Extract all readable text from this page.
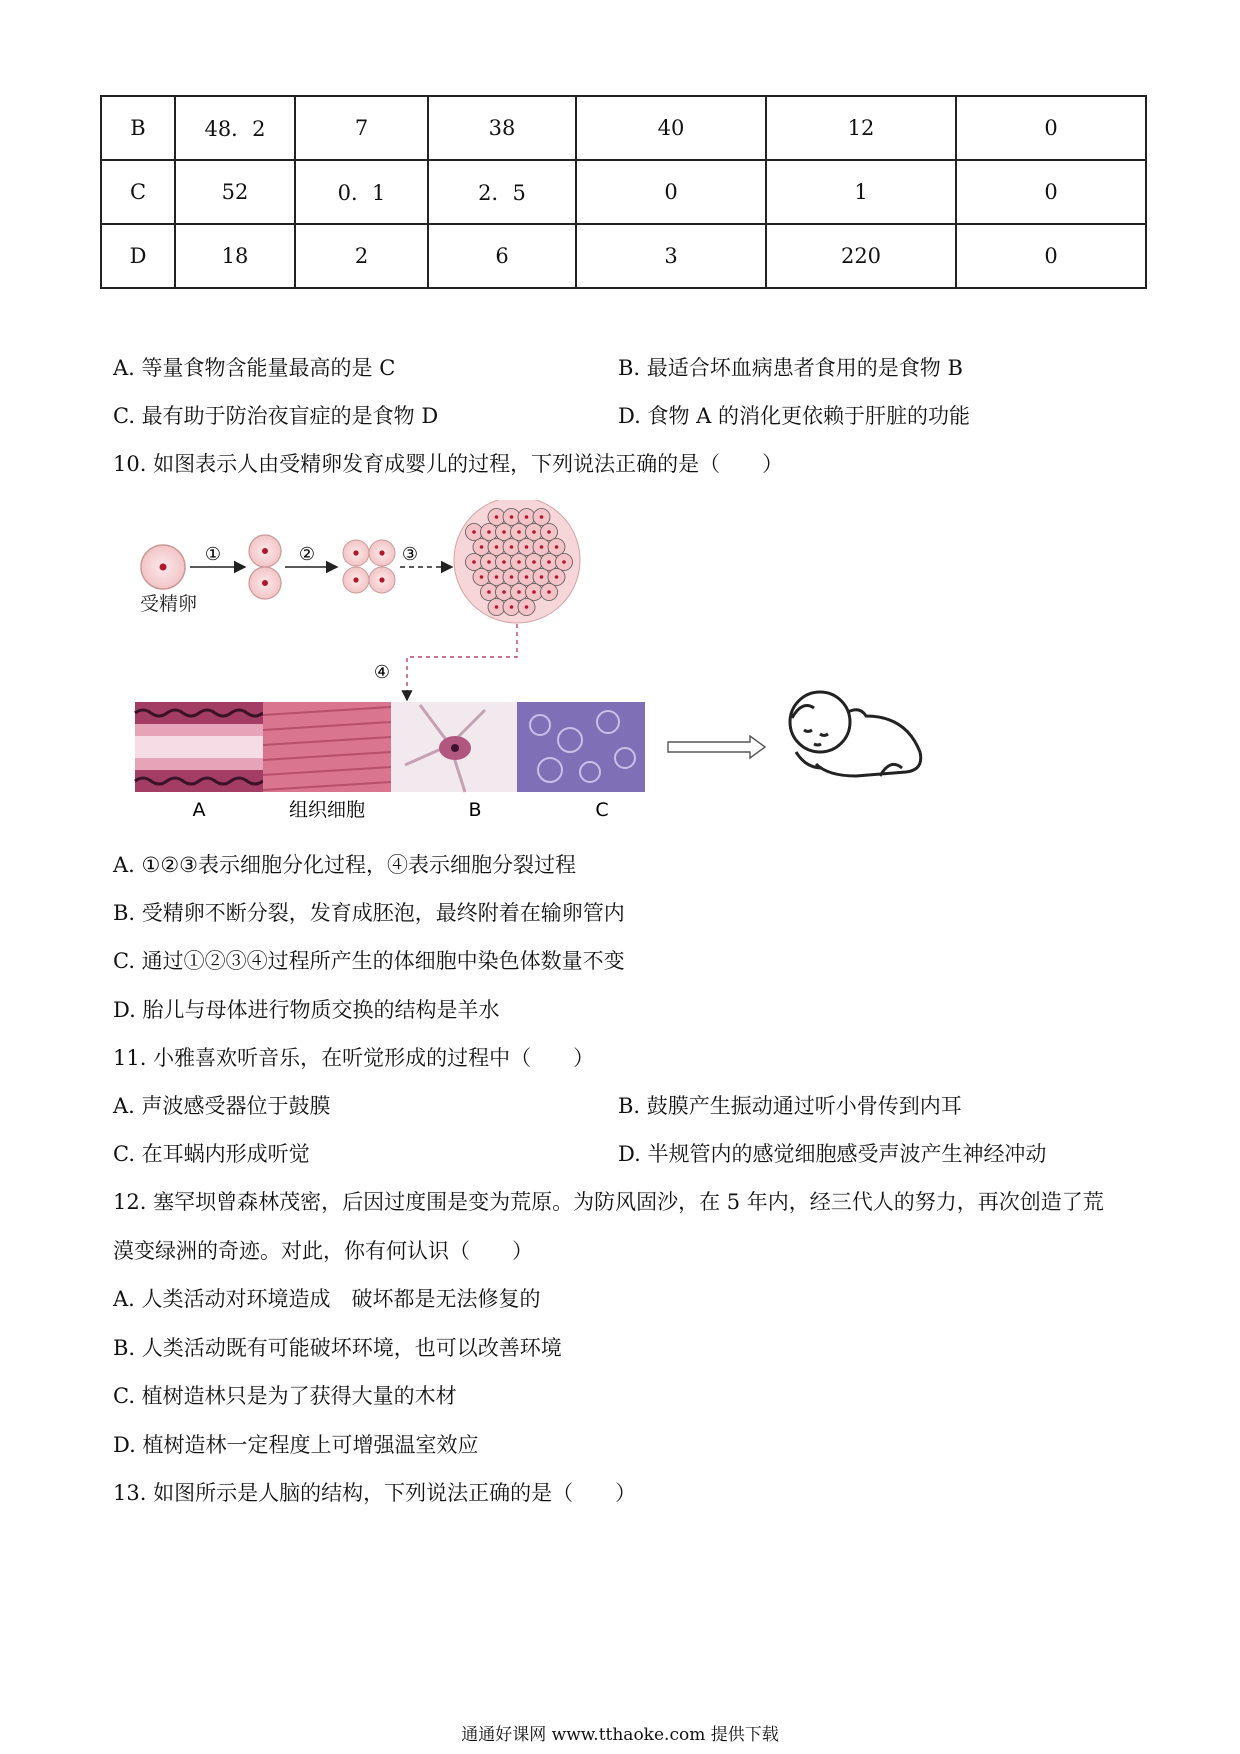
B	48．2	7	38	40	12	0
C	52	0．1	2．5	0	1	0
D	18	2	6	3	220	0
A. 等量食物含能量最高的是 C	B. 最适合坏血病患者食用的是食物 B
C. 最有助于防治夜盲症的是食物 D	D. 食物 A 的消化更依赖于肝脏的功能
10. 如图表示人由受精卵发育成婴儿的过程，下列说法正确的是（　　）
受精卵
①	②	③
④
A	组织细胞	B	C
A. ①②③表示细胞分化过程，④表示细胞分裂过程
B. 受精卵不断分裂，发育成胚泡，最终附着在输卵管内
C. 通过①②③④过程所产生的体细胞中染色体数量不变
D. 胎儿与母体进行物质交换的结构是羊水
11. 小雅喜欢听音乐，在听觉形成的过程中（　　）
A. 声波感受器位于鼓膜	B. 鼓膜产生振动通过听小骨传到内耳
C. 在耳蜗内形成听觉	D. 半规管内的感觉细胞感受声波产生神经冲动
12. 塞罕坝曾森林茂密，后因过度围是变为荒原。为防风固沙，在 5 年内，经三代人的努力，再次创造了荒
漠变绿洲的奇迹。对此，你有何认识（　　）
A. 人类活动对环境造成　破坏都是无法修复的
B. 人类活动既有可能破坏环境，也可以改善环境
C. 植树造林只是为了获得大量的木材
D. 植树造林一定程度上可增强温室效应
13. 如图所示是人脑的结构，下列说法正确的是（　　）
通通好课网 www.tthaoke.com 提供下载
